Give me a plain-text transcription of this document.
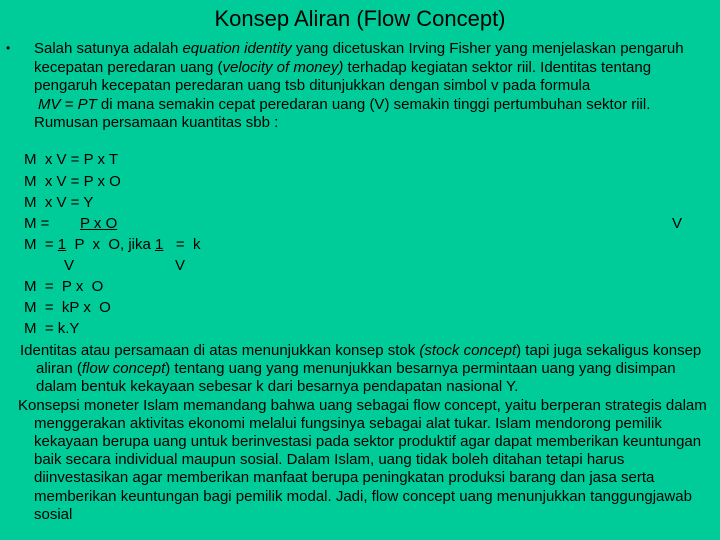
Konsep Aliran (Flow Concept)
• Salah satunya adalah equation identity yang dicetuskan Irving Fisher yang menjelaskan pengaruh kecepatan peredaran uang (velocity of money) terhadap kegiatan sektor riil. Identitas tentang pengaruh kecepatan peredaran uang tsb ditunjukkan dengan simbol v pada formula
MV = PT di mana semakin cepat peredaran uang (V) semakin tinggi pertumbuhan sektor riil. Rumusan persamaan kuantitas sbb :

M  x V = P x T
M  x V = P x O
M  x V = Y
M = P x O	V
M  = 1  P  x  O, jika 1   =  k
V	V
M  =  P x  O
M  =  kP x  O
M  = k.Y

Identitas atau persamaan di atas menunjukkan konsep stok (stock concept) tapi juga sekaligus konsep aliran (flow concept) tentang uang yang menunjukkan besarnya permintaan uang yang disimpan dalam bentuk kekayaan sebesar k dari besarnya pendapatan nasional Y.

Konsepsi moneter Islam memandang bahwa uang sebagai flow concept, yaitu berperan strategis dalam menggerakan aktivitas ekonomi melalui fungsinya sebagai alat tukar. Islam mendorong pemilik kekayaan berupa uang untuk berinvestasi pada sektor produktif agar dapat memberikan keuntungan baik secara individual maupun sosial. Dalam Islam, uang tidak boleh ditahan tetapi harus diinvestasikan agar memberikan manfaat berupa peningkatan produksi barang dan jasa serta memberikan keuntungan bagi pemilik modal. Jadi, flow concept uang menunjukkan tanggungjawab sosial
